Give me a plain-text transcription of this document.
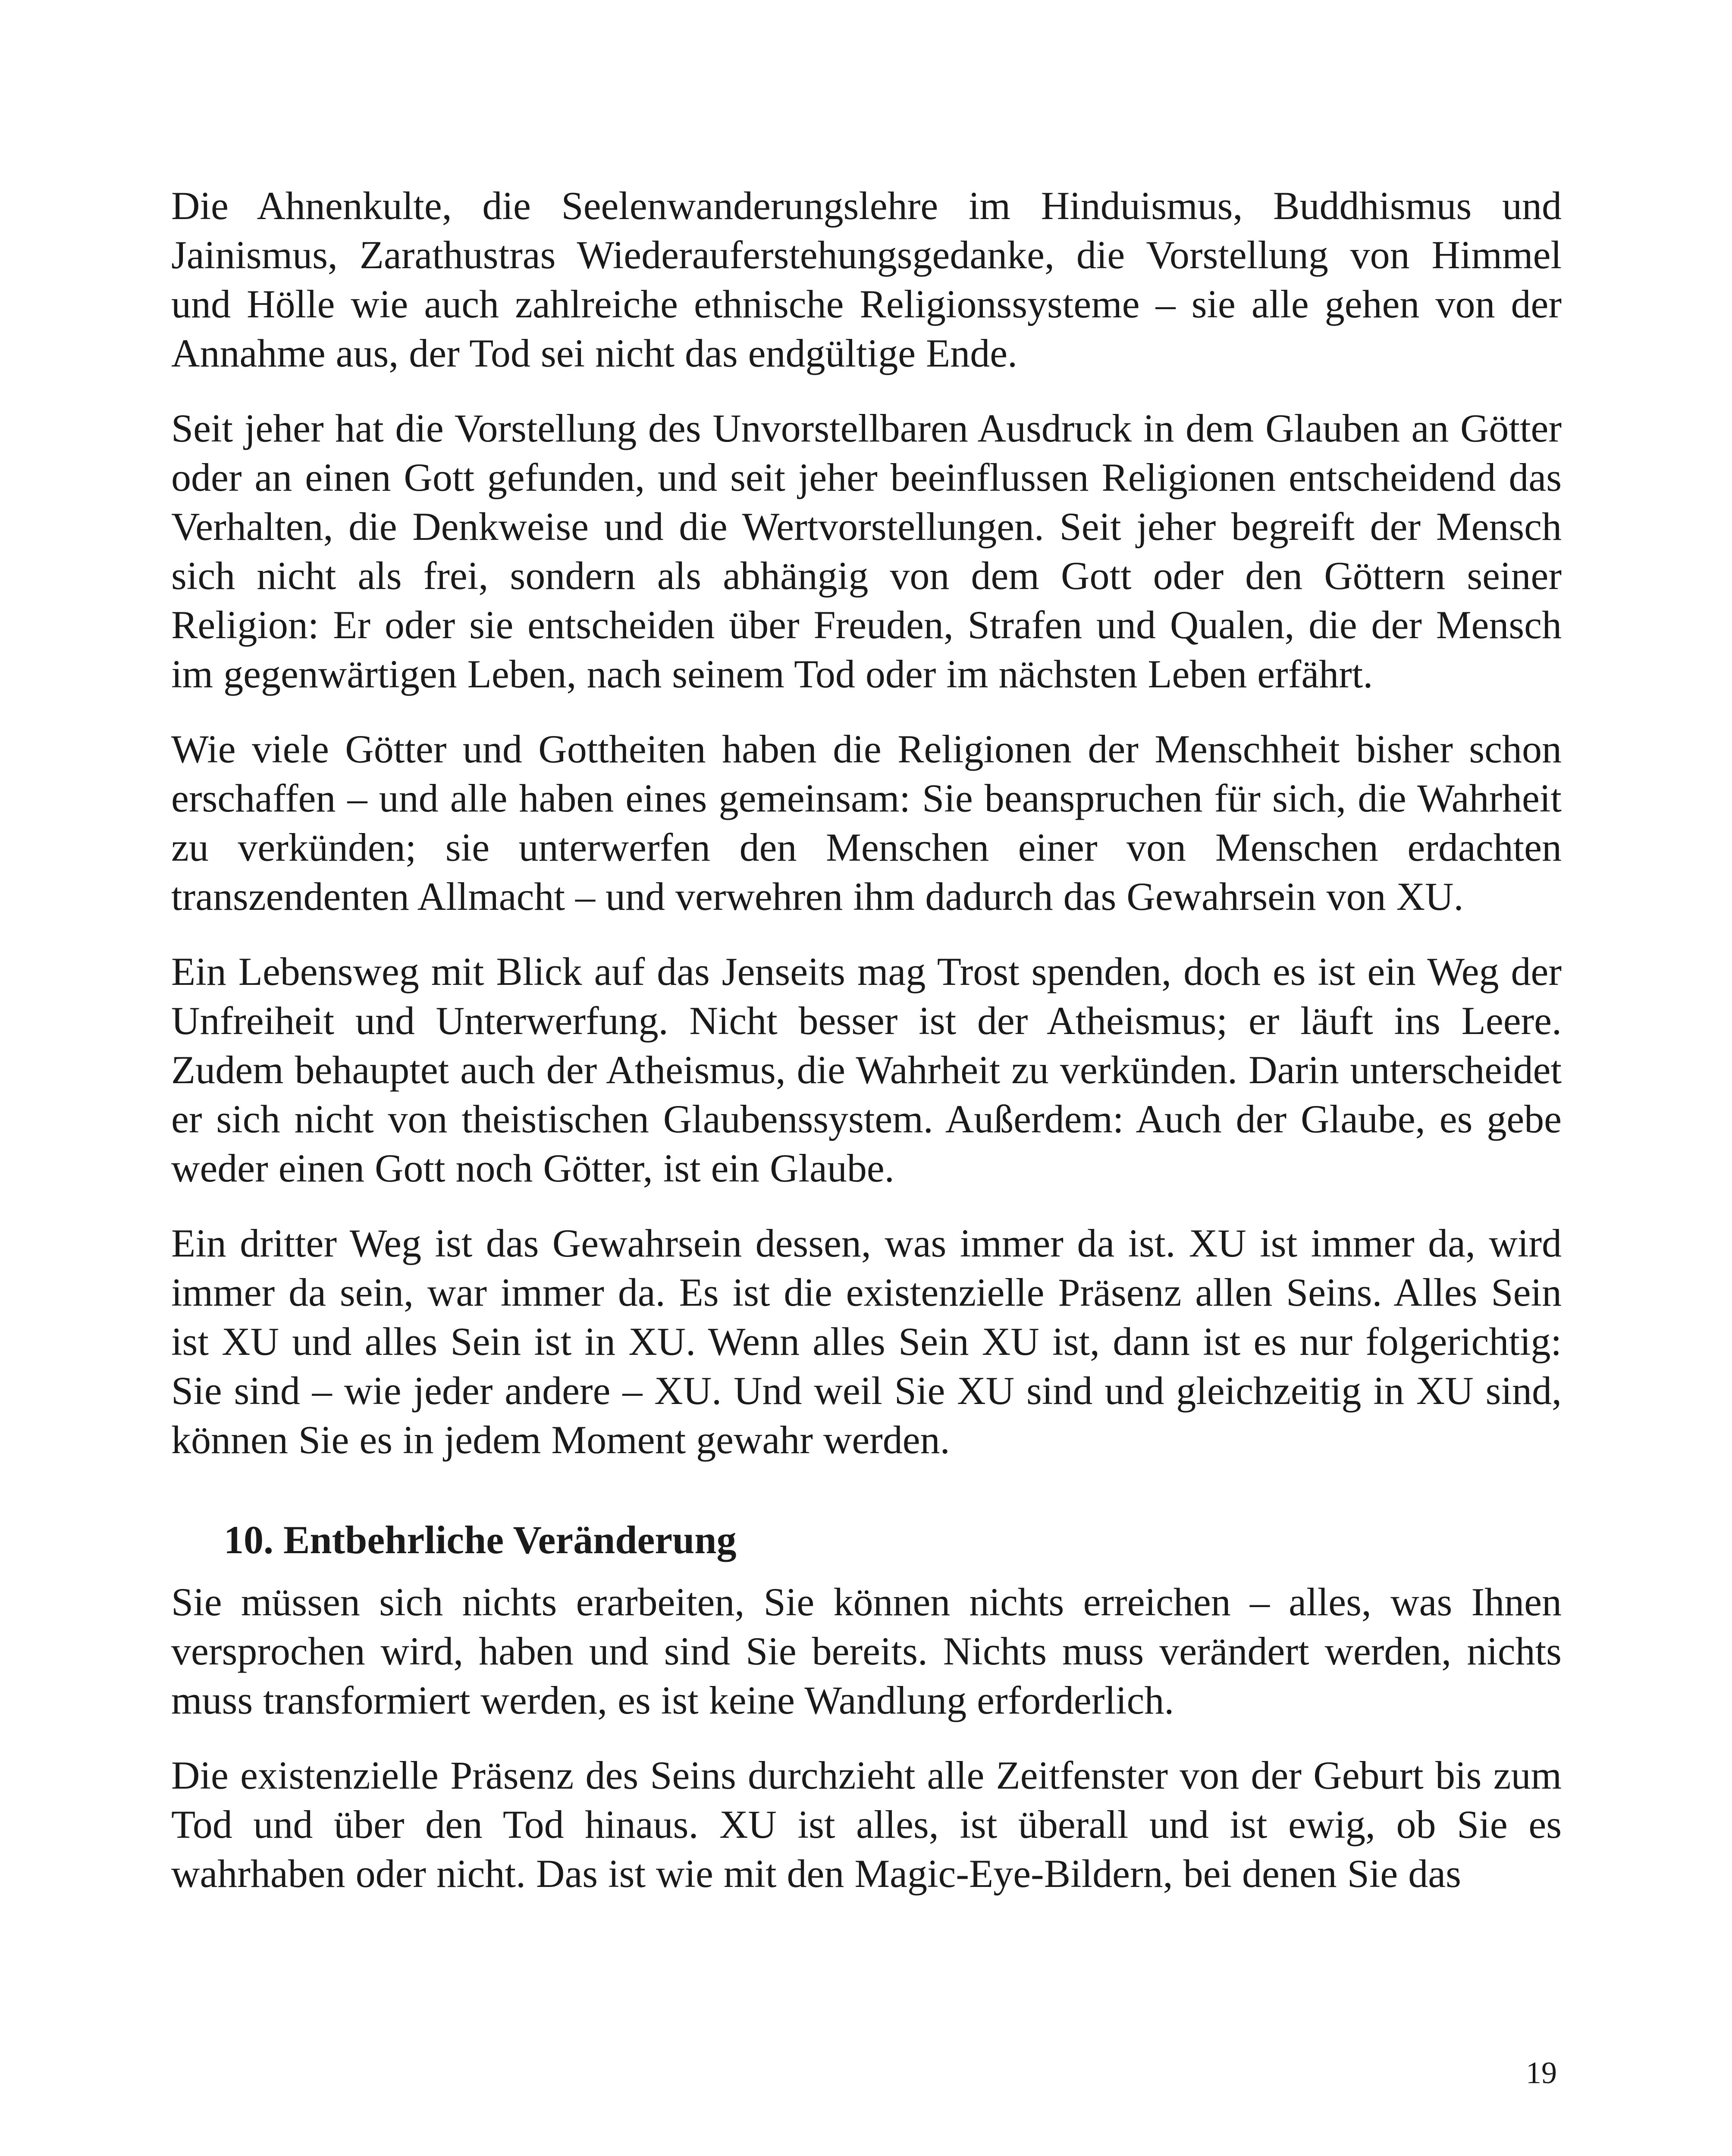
Die Ahnenkulte, die Seelenwanderungslehre im Hinduismus, Buddhismus und Jainismus, Zarathustras Wiederauferstehungsgedanke, die Vorstellung von Himmel und Hölle wie auch zahlreiche ethnische Religionssysteme – sie alle gehen von der Annahme aus, der Tod sei nicht das endgültige Ende.

Seit jeher hat die Vorstellung des Unvorstellbaren Ausdruck in dem Glauben an Götter oder an einen Gott gefunden, und seit jeher beeinflussen Religionen entscheidend das Verhalten, die Denkweise und die Wertvorstellungen. Seit jeher begreift der Mensch sich nicht als frei, sondern als abhängig von dem Gott oder den Göttern seiner Religion: Er oder sie entscheiden über Freuden, Strafen und Qualen, die der Mensch im gegenwärtigen Leben, nach seinem Tod oder im nächsten Leben erfährt.

Wie viele Götter und Gottheiten haben die Religionen der Menschheit bisher schon erschaffen – und alle haben eines gemeinsam: Sie beanspruchen für sich, die Wahrheit zu verkünden; sie unterwerfen den Menschen einer von Menschen erdachten transzendenten Allmacht – und verwehren ihm dadurch das Gewahrsein von XU.

Ein Lebensweg mit Blick auf das Jenseits mag Trost spenden, doch es ist ein Weg der Unfreiheit und Unterwerfung. Nicht besser ist der Atheismus; er läuft ins Leere. Zudem behauptet auch der Atheismus, die Wahrheit zu verkünden. Darin unterscheidet er sich nicht von theistischen Glaubenssystem. Außerdem: Auch der Glaube, es gebe weder einen Gott noch Götter, ist ein Glaube.

Ein dritter Weg ist das Gewahrsein dessen, was immer da ist. XU ist immer da, wird immer da sein, war immer da. Es ist die existenzielle Präsenz allen Seins. Alles Sein ist XU und alles Sein ist in XU. Wenn alles Sein XU ist, dann ist es nur folgerichtig: Sie sind – wie jeder andere – XU. Und weil Sie XU sind und gleichzeitig in XU sind, können Sie es in jedem Moment gewahr werden.

10. Entbehrliche Veränderung

Sie müssen sich nichts erarbeiten, Sie können nichts erreichen – alles, was Ihnen versprochen wird, haben und sind Sie bereits. Nichts muss verändert werden, nichts muss transformiert werden, es ist keine Wandlung erforderlich.

Die existenzielle Präsenz des Seins durchzieht alle Zeitfenster von der Geburt bis zum Tod und über den Tod hinaus. XU ist alles, ist überall und ist ewig, ob Sie es wahrhaben oder nicht. Das ist wie mit den Magic-Eye-Bildern, bei denen Sie das

19
